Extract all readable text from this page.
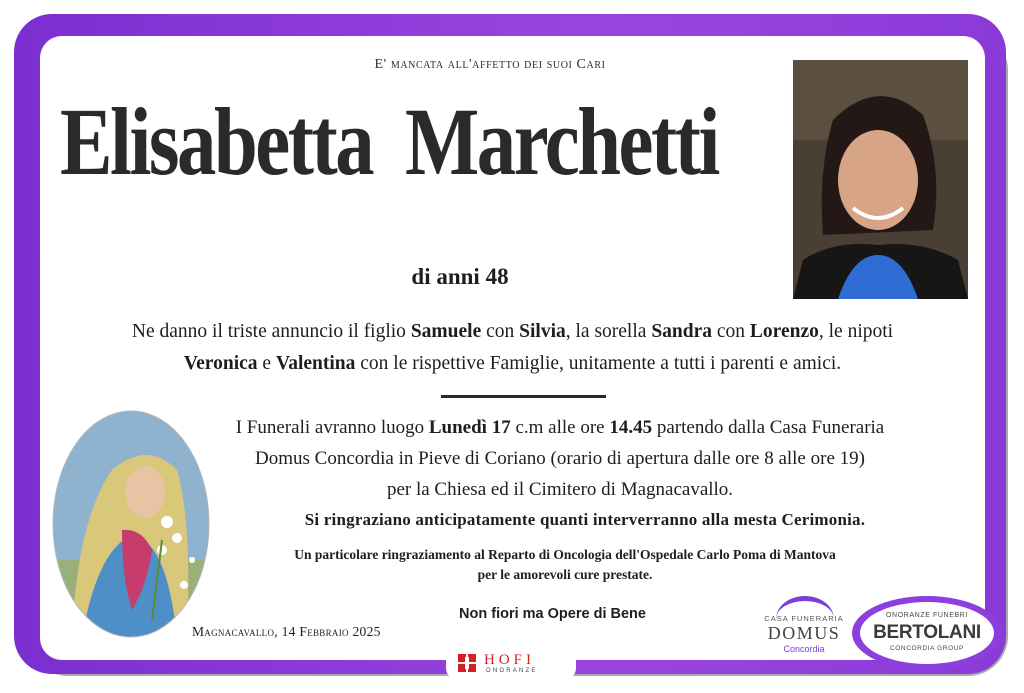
E' mancata all'affetto dei suoi Cari
Elisabetta Marchetti
di anni 48
Ne danno il triste annuncio il figlio Samuele con Silvia, la sorella Sandra con Lorenzo, le nipoti
Veronica e Valentina con le rispettive Famiglie, unitamente a tutti i parenti e amici.
I Funerali avranno luogo Lunedì 17 c.m alle ore 14.45 partendo dalla Casa Funeraria
Domus Concordia in Pieve di Coriano (orario di apertura dalle ore 8 alle ore 19)
per la Chiesa ed il Cimitero di Magnacavallo.
Si ringraziano anticipatamente quanti interverranno alla mesta Cerimonia.
Un particolare ringraziamento al Reparto di Oncologia dell'Ospedale Carlo Poma di Mantova
per le amorevoli cure prestate.
Non fiori ma Opere di Bene
Magnacavallo, 14 Febbraio 2025
CASA FUNERARIA
DOMUS
Concordia
ONORANZE FUNEBRI
BERTOLANI
CONCORDIA GROUP
HOFI
ONORANZE
